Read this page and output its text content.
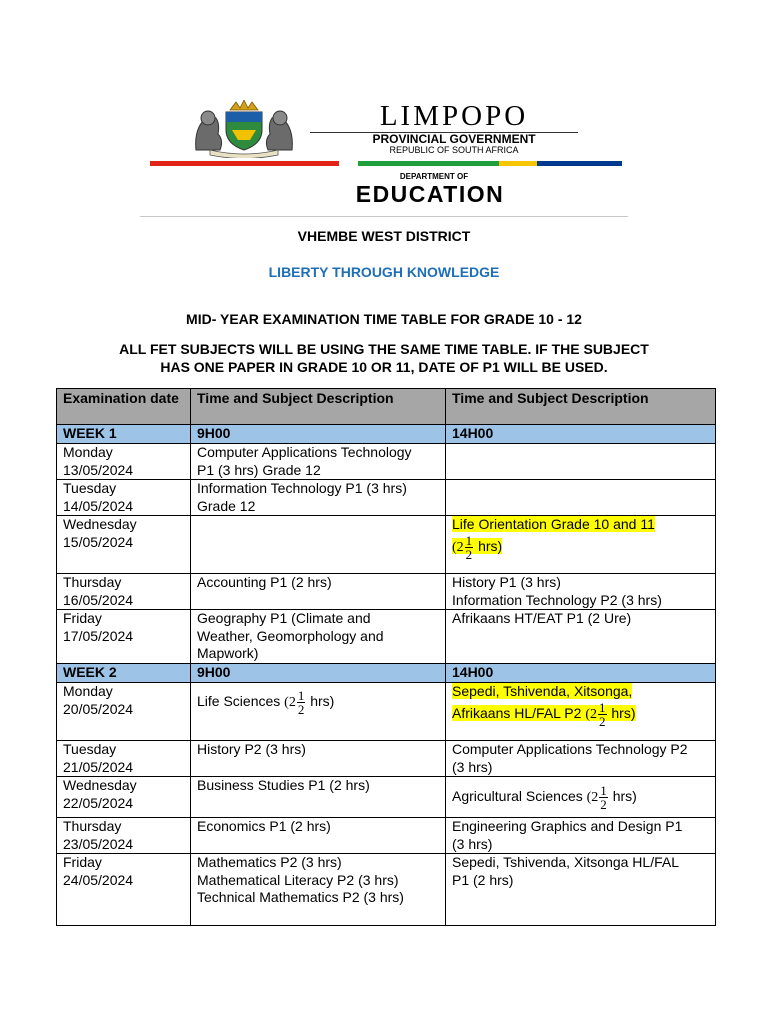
LIMPOPO
PROVINCIAL GOVERNMENT
REPUBLIC OF SOUTH AFRICA
DEPARTMENT OF
EDUCATION
VHEMBE WEST DISTRICT
LIBERTY THROUGH KNOWLEDGE
MID- YEAR EXAMINATION TIME TABLE FOR GRADE 10 - 12
ALL FET SUBJECTS WILL BE USING THE SAME TIME TABLE. IF THE SUBJECT
HAS ONE PAPER IN GRADE 10 OR 11, DATE OF P1 WILL BE USED.
Examination date	Time and Subject Description	Time and Subject Description
WEEK 1	9H00	14H00
Monday
13/05/2024	Computer Applications Technology
P1 (3 hrs) Grade 12	
Tuesday
14/05/2024	Information Technology P1 (3 hrs)
Grade 12	
Wednesday
15/05/2024		Life Orientation Grade 10 and 11
$(2 \frac{1}{2} hrs)$
Thursday
16/05/2024	Accounting P1 (2 hrs)	History P1 (3 hrs)
Information Technology P2 (3 hrs)
Friday
17/05/2024	Geography P1 (Climate and
Weather, Geomorphology and
Mapwork)	Afrikaans HT/EAT P1 (2 Ure)
WEEK 2	9H00	14H00
Monday
20/05/2024	Life Sciences $(2 \frac{1}{2} hrs)$	Sepedi, Tshivenda, Xitsonga,
Afrikaans HL/FAL P2 $(2 \frac{1}{2} hrs)$
Tuesday
21/05/2024	History P2 (3 hrs)	Computer Applications Technology P2
(3 hrs)
Wednesday
22/05/2024	Business Studies P1 (2 hrs)	Agricultural Sciences $(2 \frac{1}{2} hrs)$
Thursday
23/05/2024	Economics P1 (2 hrs)	Engineering Graphics and Design P1
(3 hrs)
Friday
24/05/2024	Mathematics P2 (3 hrs)
Mathematical Literacy P2 (3 hrs)
Technical Mathematics P2 (3 hrs)	Sepedi, Tshivenda, Xitsonga HL/FAL
P1 (2 hrs)
